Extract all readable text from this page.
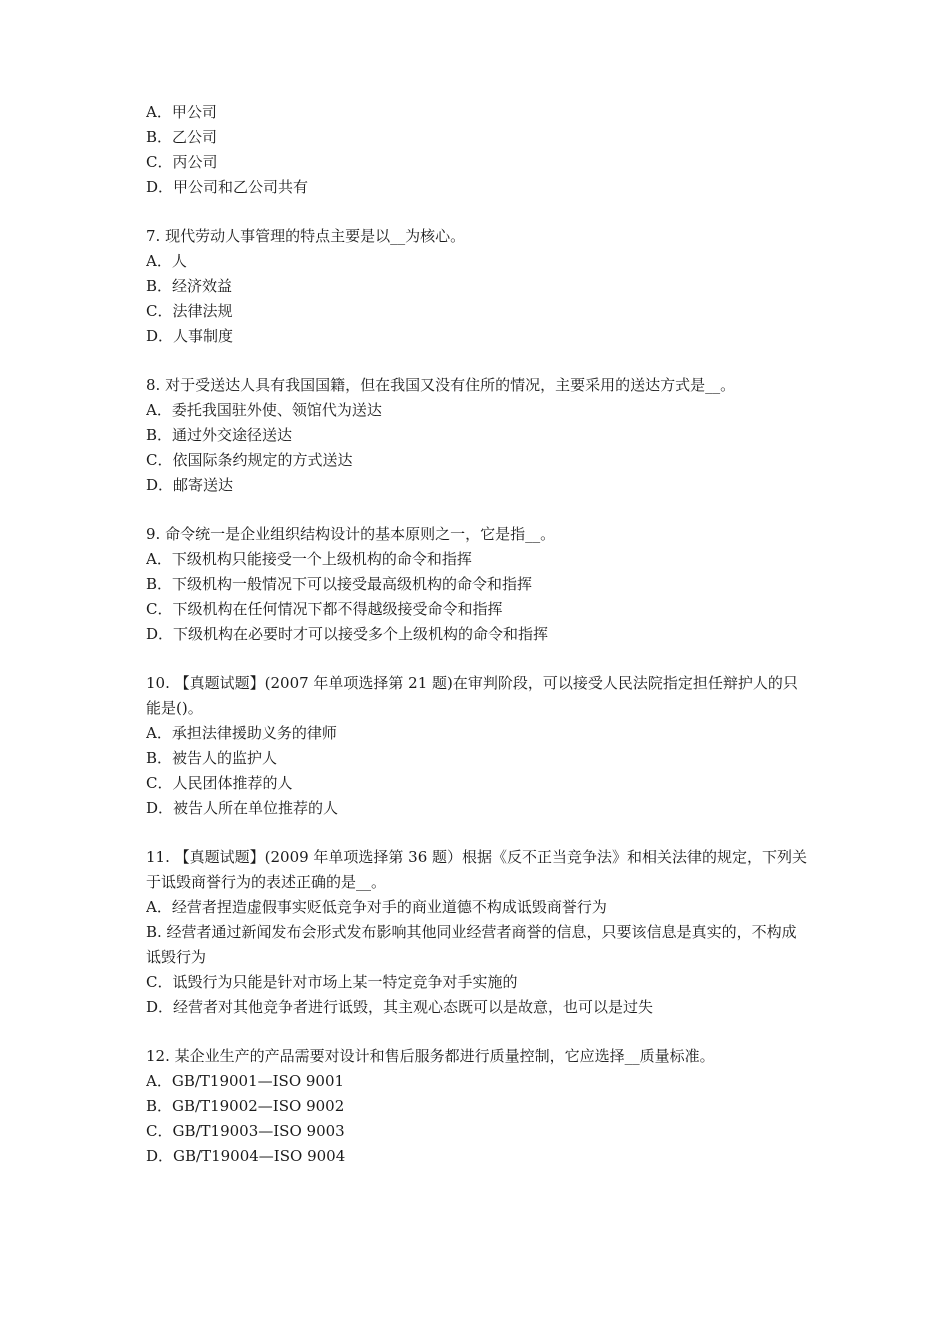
A．甲公司
B．乙公司
C．丙公司
D．甲公司和乙公司共有
7. 现代劳动人事管理的特点主要是以__为核心。
A．人
B．经济效益
C．法律法规
D．人事制度
8. 对于受送达人具有我国国籍，但在我国又没有住所的情况，主要采用的送达方式是__。
A．委托我国驻外使、领馆代为送达
B．通过外交途径送达
C．依国际条约规定的方式送达
D．邮寄送达
9. 命令统一是企业组织结构设计的基本原则之一，它是指__。
A．下级机构只能接受一个上级机构的命令和指挥
B．下级机构一般情况下可以接受最高级机构的命令和指挥
C．下级机构在任何情况下都不得越级接受命令和指挥
D．下级机构在必要时才可以接受多个上级机构的命令和指挥
10. 【真题试题】(2007 年单项选择第 21 题)在审判阶段，可以接受人民法院指定担任辩护人的只能是()。
A．承担法律援助义务的律师
B．被告人的监护人
C．人民团体推荐的人
D．被告人所在单位推荐的人
11. 【真题试题】(2009 年单项选择第 36 题）根据《反不正当竞争法》和相关法律的规定，下列关于诋毁商誉行为的表述正确的是__。
A．经营者捏造虚假事实贬低竞争对手的商业道德不构成诋毁商誉行为
B. 经营者通过新闻发布会形式发布影响其他同业经营者商誉的信息，只要该信息是真实的，不构成诋毁行为
C．诋毁行为只能是针对市场上某一特定竞争对手实施的
D．经营者对其他竞争者进行诋毁，其主观心态既可以是故意，也可以是过失
12. 某企业生产的产品需要对设计和售后服务都进行质量控制，它应选择__质量标准。
A．GB/T19001—ISO 9001
B．GB/T19002—ISO 9002
C．GB/T19003—ISO 9003
D．GB/T19004—ISO 9004
